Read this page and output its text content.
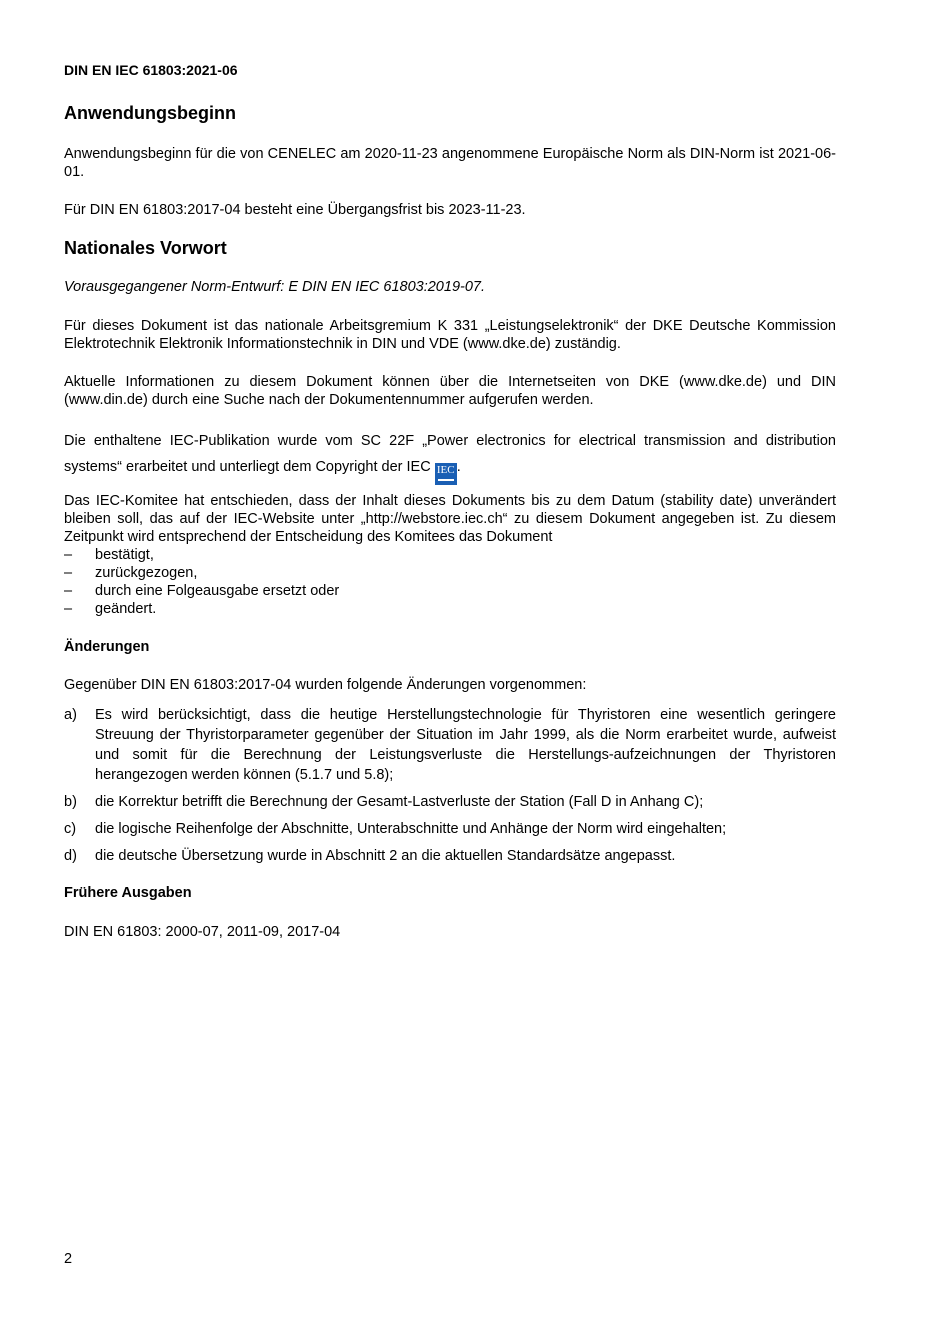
DIN EN IEC 61803:2021-06
Anwendungsbeginn
Anwendungsbeginn für die von CENELEC am 2020-11-23 angenommene Europäische Norm als DIN-Norm ist 2021-06-01.
Für DIN EN 61803:2017-04 besteht eine Übergangsfrist bis 2023-11-23.
Nationales Vorwort
Vorausgegangener Norm-Entwurf: E DIN EN IEC 61803:2019-07.
Für dieses Dokument ist das nationale Arbeitsgremium K 331 „Leistungselektronik“ der DKE Deutsche Kommission Elektrotechnik Elektronik Informationstechnik in DIN und VDE (www.dke.de) zuständig.
Aktuelle Informationen zu diesem Dokument können über die Internetseiten von DKE (www.dke.de) und DIN (www.din.de) durch eine Suche nach der Dokumentennummer aufgerufen werden.
Die enthaltene IEC-Publikation wurde vom SC 22F „Power electronics for electrical transmission and distribution systems“ erarbeitet und unterliegt dem Copyright der IEC IEC .
Das IEC-Komitee hat entschieden, dass der Inhalt dieses Dokuments bis zu dem Datum (stability date) unverändert bleiben soll, das auf der IEC-Website unter „http://webstore.iec.ch“ zu diesem Dokument angegeben ist. Zu diesem Zeitpunkt wird entsprechend der Entscheidung des Komitees das Dokument
– bestätigt,
– zurückgezogen,
– durch eine Folgeausgabe ersetzt oder
– geändert.
Änderungen
Gegenüber DIN EN 61803:2017-04 wurden folgende Änderungen vorgenommen:
a) Es wird berücksichtigt, dass die heutige Herstellungstechnologie für Thyristoren eine wesentlich geringere Streuung der Thyristorparameter gegenüber der Situation im Jahr 1999, als die Norm erarbeitet wurde, aufweist und somit für die Berechnung der Leistungsverluste die Herstellungs-aufzeichnungen der Thyristoren herangezogen werden können (5.1.7 und 5.8);
b) die Korrektur betrifft die Berechnung der Gesamt-Lastverluste der Station (Fall D in Anhang C);
c) die logische Reihenfolge der Abschnitte, Unterabschnitte und Anhänge der Norm wird eingehalten;
d) die deutsche Übersetzung wurde in Abschnitt 2 an die aktuellen Standardsätze angepasst.
Frühere Ausgaben
DIN EN 61803: 2000-07, 2011-09, 2017-04
2
